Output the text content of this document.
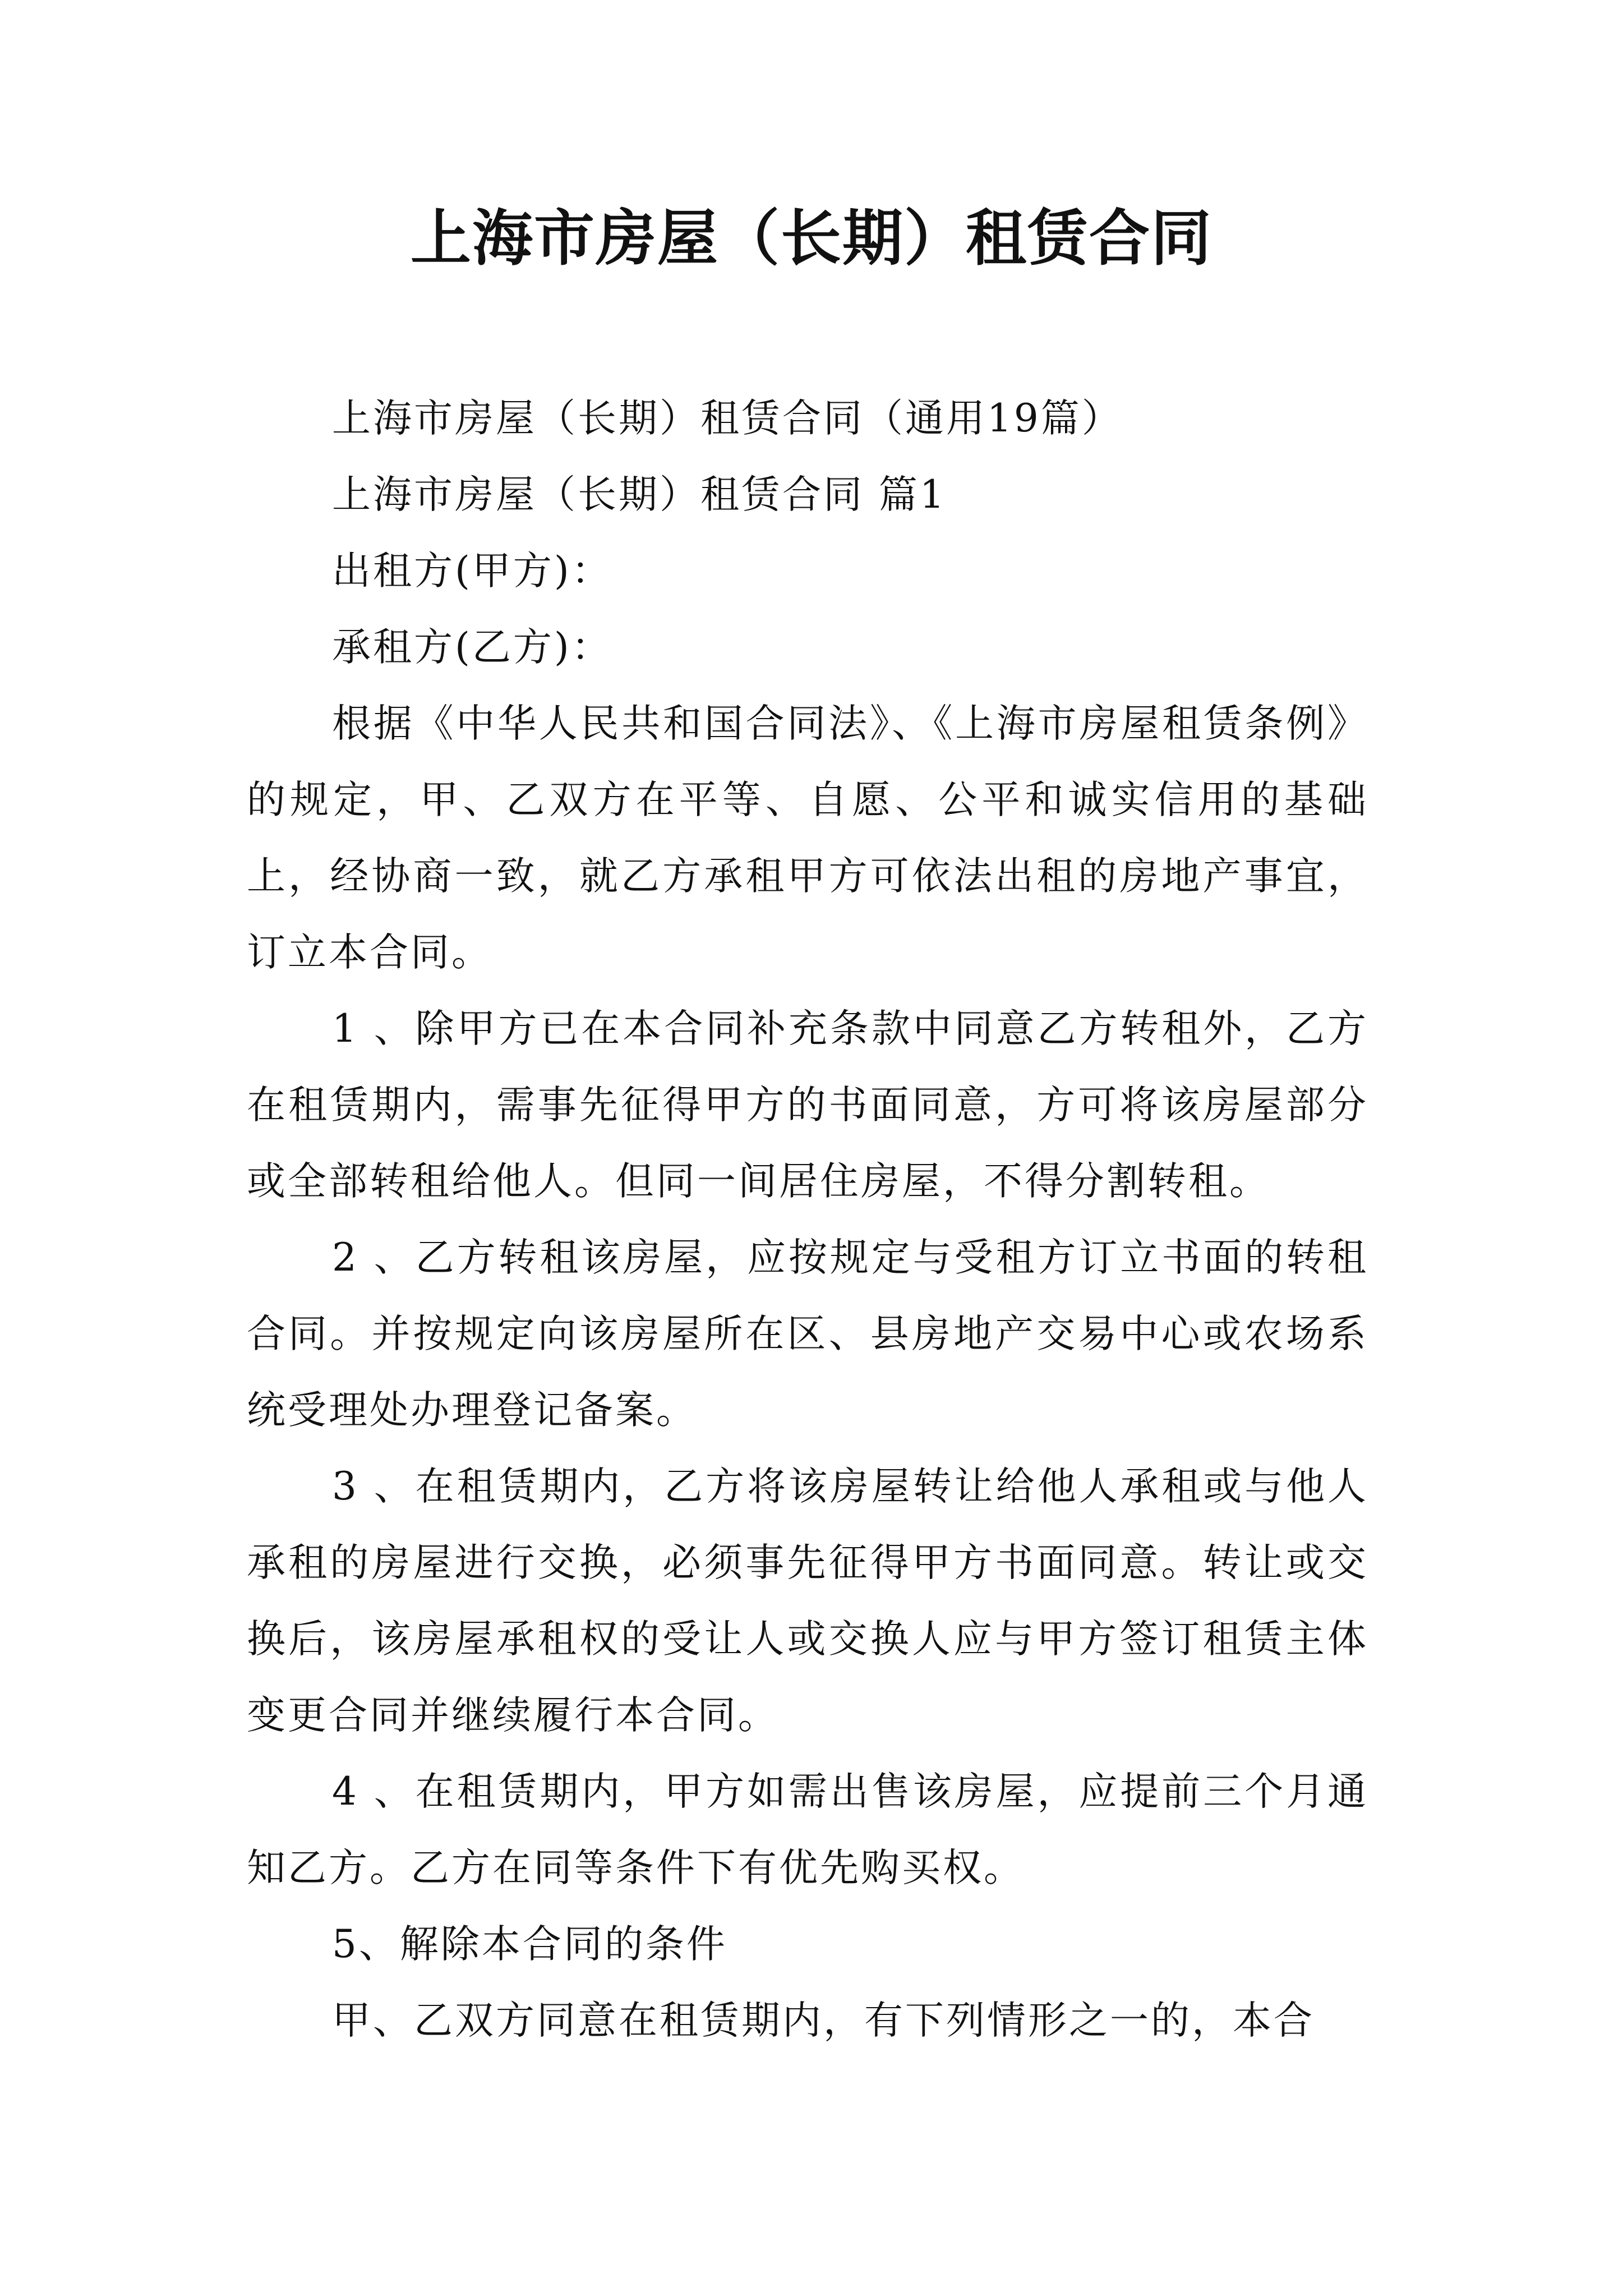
上海市房屋（长期）租赁合同

上海市房屋（长期）租赁合同（通用19篇）

上海市房屋（长期）租赁合同 篇1

出租方(甲方)：

承租方(乙方)：

根据《中华人民共和国合同法》、《上海市房屋租赁条例》的规定，甲、乙双方在平等、自愿、公平和诚实信用的基础上，经协商一致，就乙方承租甲方可依法出租的房地产事宜，订立本合同。

1 、除甲方已在本合同补充条款中同意乙方转租外，乙方在租赁期内，需事先征得甲方的书面同意，方可将该房屋部分或全部转租给他人。但同一间居住房屋，不得分割转租。

2 、乙方转租该房屋，应按规定与受租方订立书面的转租合同。并按规定向该房屋所在区、县房地产交易中心或农场系统受理处办理登记备案。

3 、在租赁期内，乙方将该房屋转让给他人承租或与他人承租的房屋进行交换，必须事先征得甲方书面同意。转让或交换后，该房屋承租权的受让人或交换人应与甲方签订租赁主体变更合同并继续履行本合同。

4 、在租赁期内，甲方如需出售该房屋，应提前三个月通知乙方。乙方在同等条件下有优先购买权。

5、解除本合同的条件

甲、乙双方同意在租赁期内，有下列情形之一的，本合
